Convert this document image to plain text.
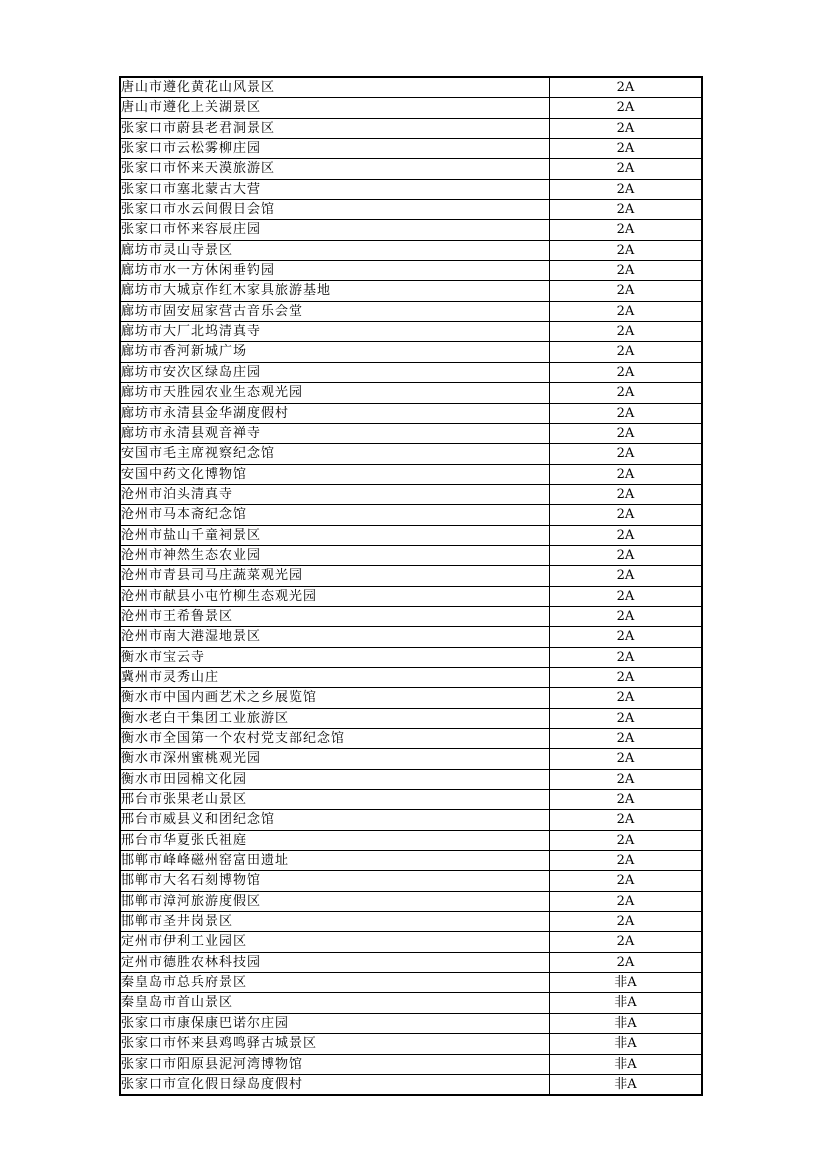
唐山市遵化黄花山风景区	2A
唐山市遵化上关湖景区	2A
张家口市蔚县老君洞景区	2A
张家口市云松雾柳庄园	2A
张家口市怀来天漠旅游区	2A
张家口市塞北蒙古大营	2A
张家口市水云间假日会馆	2A
张家口市怀来容辰庄园	2A
廊坊市灵山寺景区	2A
廊坊市水一方休闲垂钓园	2A
廊坊市大城京作红木家具旅游基地	2A
廊坊市固安屈家营古音乐会堂	2A
廊坊市大厂北坞清真寺	2A
廊坊市香河新城广场	2A
廊坊市安次区绿岛庄园	2A
廊坊市天胜园农业生态观光园	2A
廊坊市永清县金华湖度假村	2A
廊坊市永清县观音禅寺	2A
安国市毛主席视察纪念馆	2A
安国中药文化博物馆	2A
沧州市泊头清真寺	2A
沧州市马本斋纪念馆	2A
沧州市盐山千童祠景区	2A
沧州市神然生态农业园	2A
沧州市青县司马庄蔬菜观光园	2A
沧州市献县小屯竹柳生态观光园	2A
沧州市王希鲁景区	2A
沧州市南大港湿地景区	2A
衡水市宝云寺	2A
冀州市灵秀山庄	2A
衡水市中国内画艺术之乡展览馆	2A
衡水老白干集团工业旅游区	2A
衡水市全国第一个农村党支部纪念馆	2A
衡水市深州蜜桃观光园	2A
衡水市田园棉文化园	2A
邢台市张果老山景区	2A
邢台市威县义和团纪念馆	2A
邢台市华夏张氏祖庭	2A
邯郸市峰峰磁州窑富田遗址	2A
邯郸市大名石刻博物馆	2A
邯郸市漳河旅游度假区	2A
邯郸市圣井岗景区	2A
定州市伊利工业园区	2A
定州市德胜农林科技园	2A
秦皇岛市总兵府景区	非A
秦皇岛市首山景区	非A
张家口市康保康巴诺尔庄园	非A
张家口市怀来县鸡鸣驿古城景区	非A
张家口市阳原县泥河湾博物馆	非A
张家口市宣化假日绿岛度假村	非A
